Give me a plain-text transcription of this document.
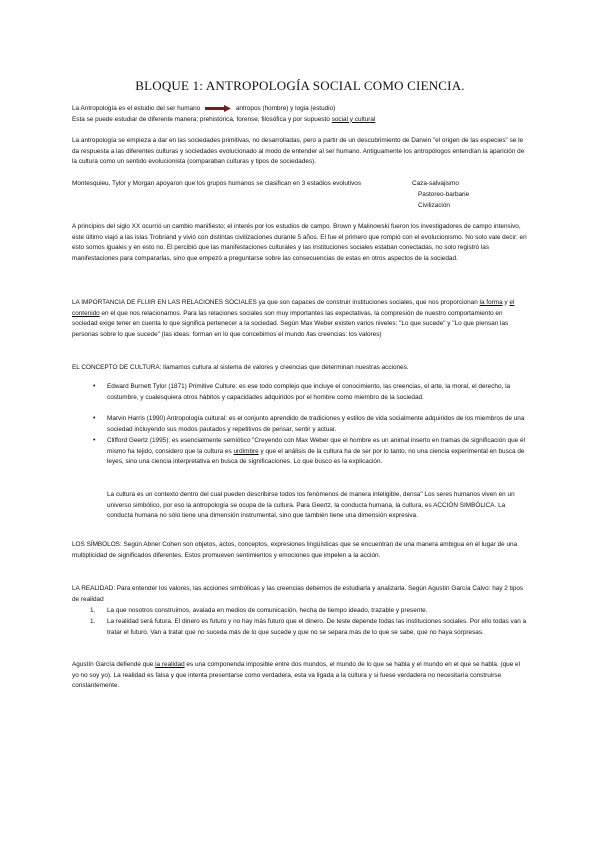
BLOQUE 1: ANTROPOLOGÍA SOCIAL COMO CIENCIA.

La Antropología es el estudio del ser humano	antropos (hombre) y logia (estudio)
Esta se puede estudiar de diferente manera; prehistórica, forense, filosófica y por supuesto social y cultural

La antropología se empieza a dar en las sociedades primitivas, no desarrolladas, pero a partir de un descubrimiento de Darwin "el origen de las especies" se le da respuesta a las diferentes culturas y sociedades evolucionado al modo de entender al ser humano. Antiguamente los antropólogos entendían la aparición de la cultura como un sentido evolucionista (comparaban culturas y tipos de sociedades).

Montesquieu, Tylor y Morgan apoyaron que los grupos humanos se clasifican en 3 estadios evolutivos	Caza-salvajismo
Pastoreo-barbarie
Civilización

A principios del siglo XX ocurrió un cambio manifiesto; el interés por los estudios de campo. Brown y Malinowski fueron los investigadores de campo intensivo, este último viajó a las islas Trobriand y vivió con distintas civilizaciones durante 5 años. El fue el primero que rompió con el evolucionismo. No solo vale decir: en esto somos iguales y en esto no. El percibió que las manifestaciones culturales y las instituciones sociales estaban conectadas, no solo registró las manifestaciones para compararlas, sino que empezó a preguntarse sobre las consecuencias de estas en otros aspectos de la sociedad.

LA IMPORTANCIA DE FLUIR EN LAS RELACIONES SOCIALES ya que son capaces de construir instituciones sociales, que nos proporcionan la forma y el contenido en el que nos relacionamos. Para las relaciones sociales son muy importantes las expectativas, la compresión de nuestro comportamiento en sociedad exige tener en cuenta lo que significa pertenecer a la sociedad. Según Max Weber existen varios niveles: "Lo que sucede" y "Lo que piensan las personas sobre lo que sucede" (las ideas: forman en lo que concebimos el mundo /las creencias: los valores)

EL CONCEPTO DE CULTURA: llamamos cultura al sistema de valores y creencias que determinan nuestras acciones.

• Edward Burnett Tylor (1871) Primitive Culture: es ese todo complejo que incluye el conocimiento, las creencias, el arte, la moral, el derecho, la costumbre, y cualesquiera otros hábitos y capacidades adquiridos por el hombre como miembro de la sociedad.

• Marvin Harris (1990) Antropología cultural: es el conjunto aprendido de tradiciones y estilos de vida socialmente adquiridos de los miembros de una sociedad incluyendo sus modos pautados y repetitivos de pensar, sentir y actuar.

• Clifford Geertz (1995): es esencialmente semiótico "Creyendo con Max Weber que el hombre es un animal inserto en tramas de significación que él mismo ha tejido, considero que la cultura es urdimbre y que el análisis de la cultura ha de ser por lo tanto, no una ciencia experimental en busca de leyes, sino una ciencia interpretativa en busca de significaciones. Lo que busco es la explicación.

La cultura es un contexto dentro del cual pueden describirse todos los fenómenos de manera inteligible, densa" Los seres humanos viven en un universo simbólico, por eso la antropología se ocupa de la cultura. Para Geertz, la conducta humana, la cultura, es ACCIÓN SIMBÓLICA. La conducta humana no sólo tiene una dimensión instrumental, sino que también tiene una dimensión expresiva.

LOS SÍMBOLOS: Según Abner Cohen son objetos, actos, conceptos, expresiones lingüísticas que se encuentran de una manera ambigua en el lugar de una multiplicidad de significados diferentes. Estos promueven sentimientos y emociones que impelen a la acción.

LA REALIDAD: Para entender los valores, las acciones simbólicas y las creencias debemos de estudiarla y analizarla. Según Agustín García Calvo: hay 2 tipos de realidad

1. La que nosotros construimos, avalada en medios de comunicación, hecha de tiempo ideado, trazable y presente.

1. La realidad será futura. El dinero es futuro y no hay más futuro que el dinero. De teste depende todas las instituciones sociales. Por ello todas van a tratar el futuro. Van a tratar que no suceda más de lo que sucede y que no se separa más de lo que se sabe, que no haya sorpresas.

Agustín García defiende que la realidad es una componenda imposible entre dos mundos, el mundo de lo que se habla y el mundo en el que se habla. (que el yo no soy yo). La realidad es falsa y que intenta presentarse como verdadera, esta va ligada a la cultura y si fuese verdadera no necesitaría construirse constantemente.
